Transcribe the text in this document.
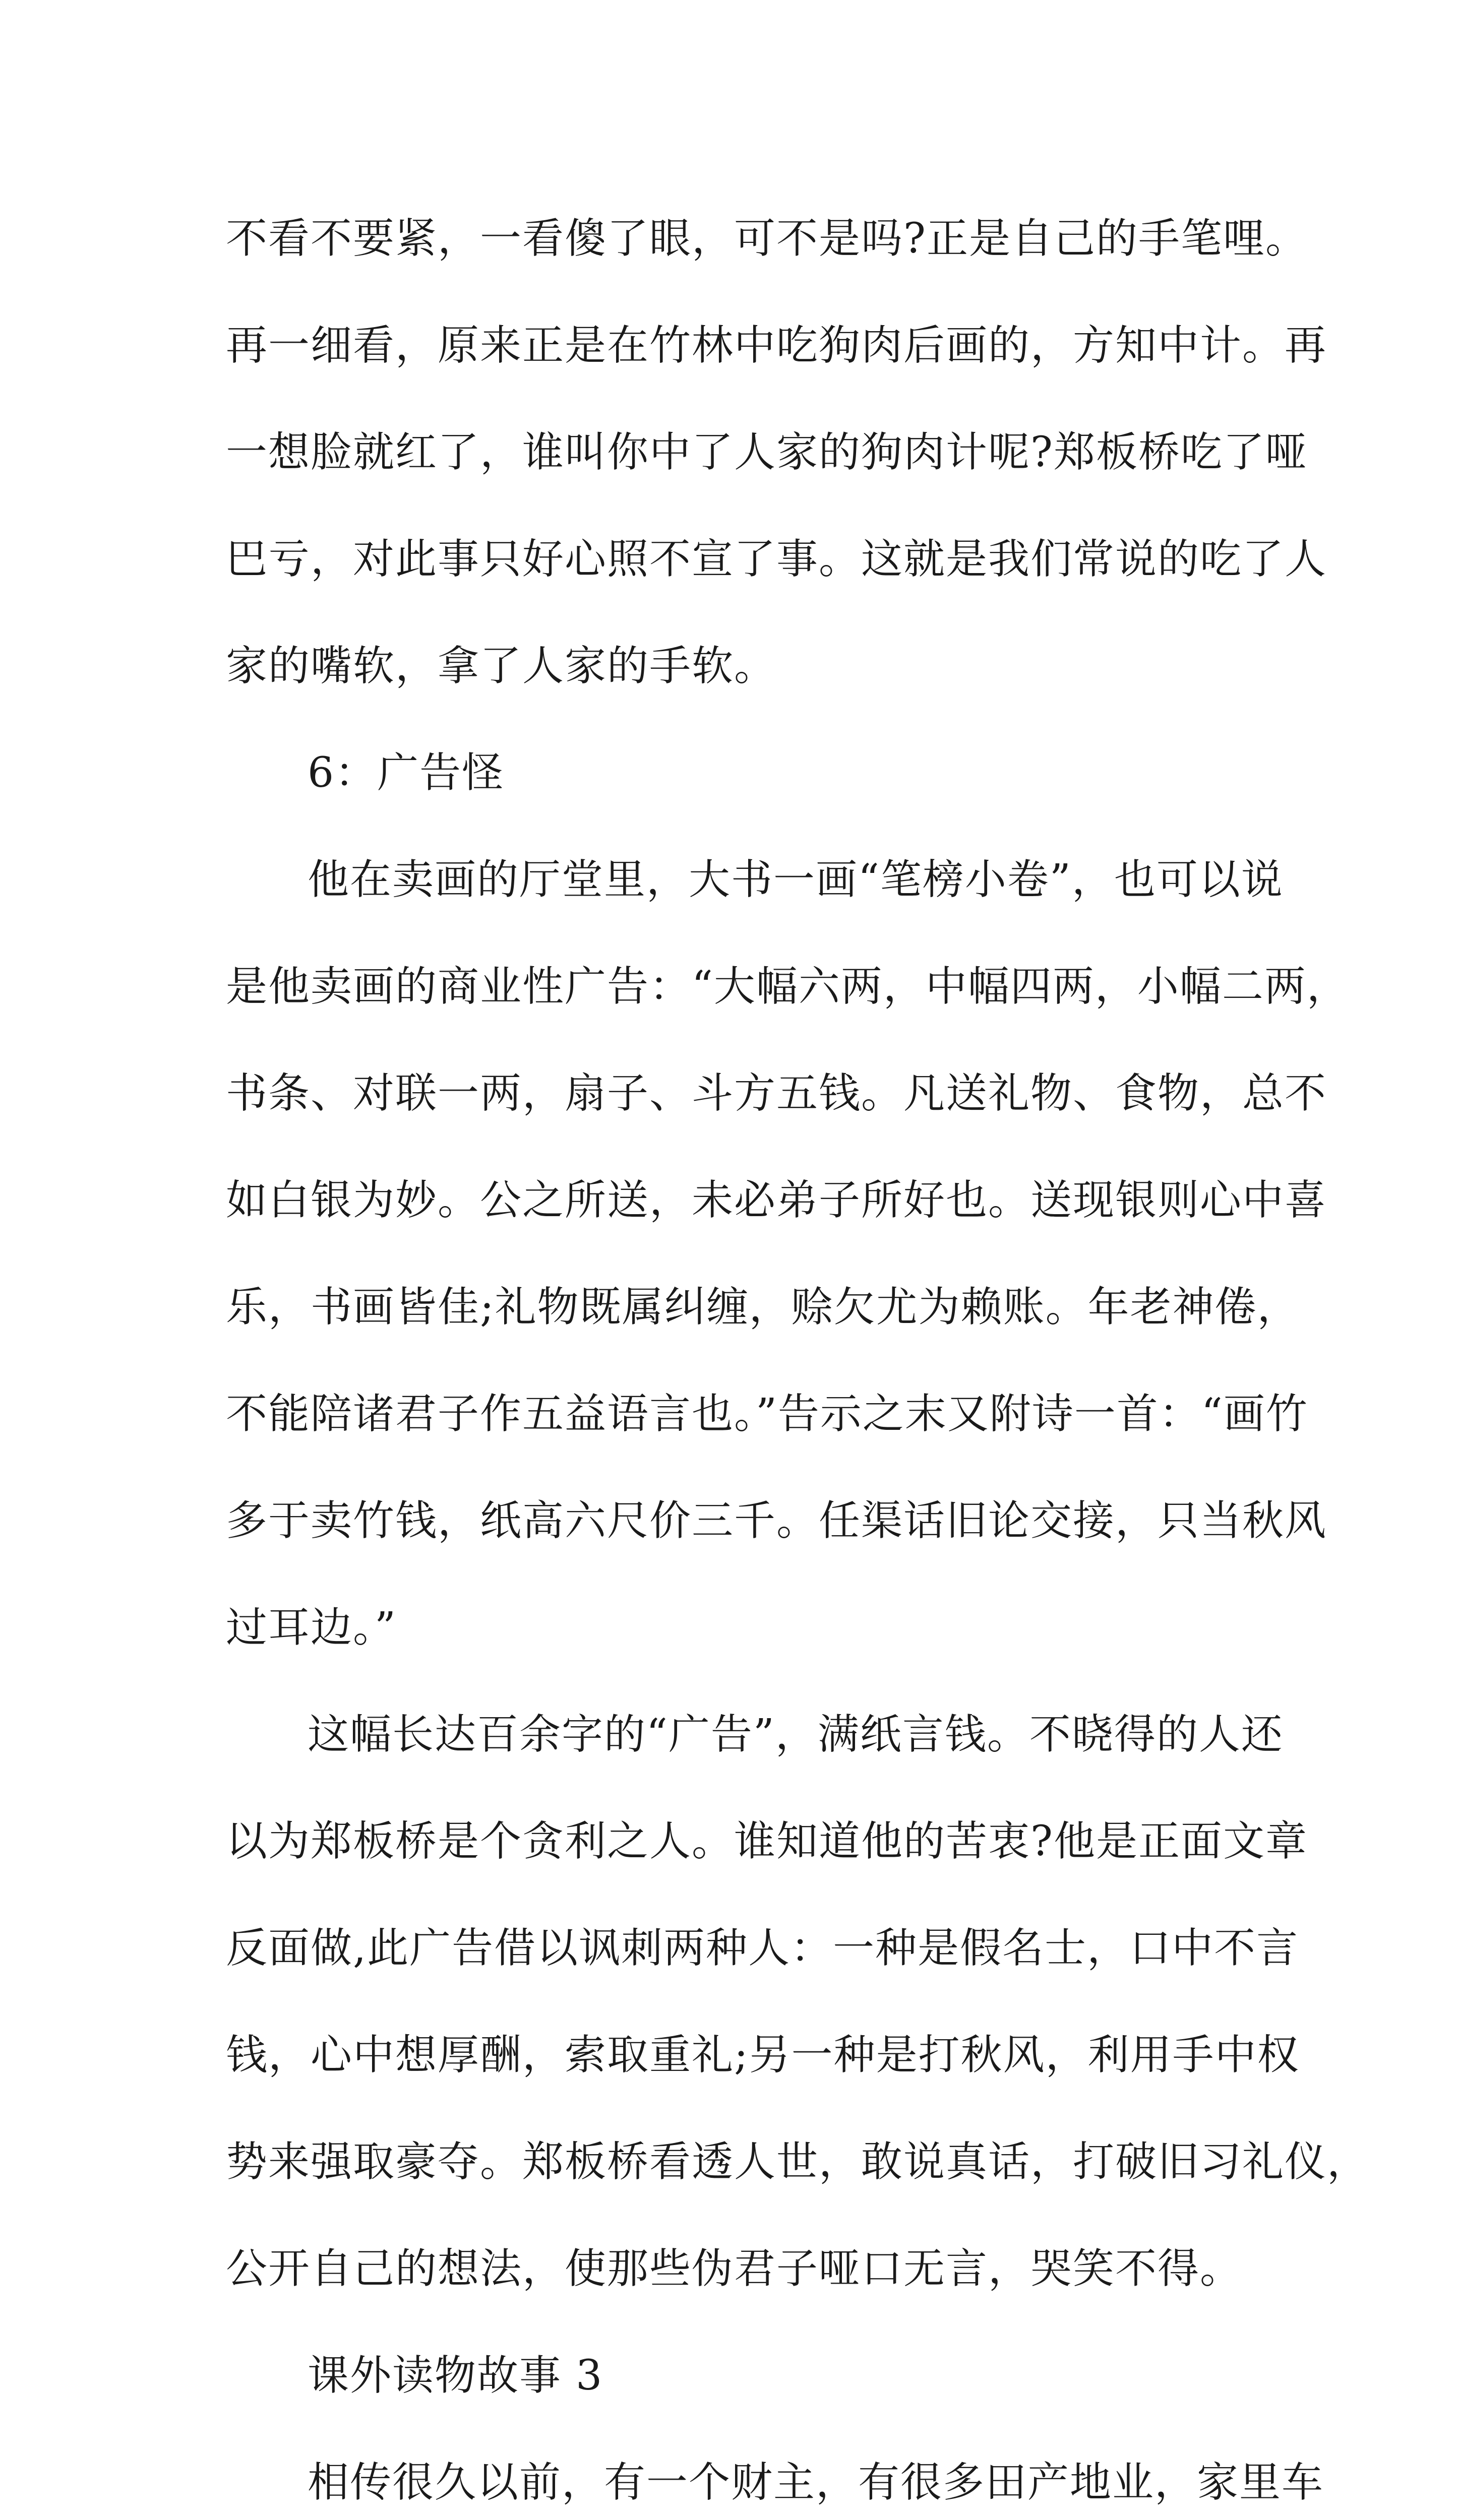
不看不要紧，一看傻了眼，可不是吗?正是自己的手笔哩。
再一细看，原来正是在竹林中吃狗肉后画的，方知中计。再
一想脸就红了，谁叫你中了人家的狗肉计呢?郑板桥吃了哑
巴亏，对此事只好心照不宣了事。这就是我们常说的吃了人
家的嘴软，拿了人家的手软。
6：广告怪
他在卖画的厅堂里，大书一画“笔榜小卷”，也可以说
是他卖画的商业性广告：“大幅六两，中幅四两，小幅二两，
书条、对联一两，扇子、斗方五钱。凡送礼物、食物，总不
如白银为妙。公之所送，未必弟子所好也。送现银则心中喜
乐，书画皆佳;礼物既属纠缠，赊欠尤为赖账。年老神倦，
不能陪诸君子作五益语言也。”告示之末又附诗一首：“画竹
多于卖竹钱，纸高六尺价三千。任渠话旧论交接，只当秋风
过耳边。”
这幅长达百余字的“广告”，满纸言钱。不晓得的人还
以为郑板桥是个贪利之人。谁知道他的苦衷?他是正面文章
反面做,此广告借以讽刺两种人：一种是假名士，口中不言
钱，心中想厚酬，索取重礼;另一种是打秋风，利用手中权
势来强取豪夺。郑板桥看透人世，敢说真话，打破旧习礼仪，
公开自己的想法，使那些伪君子哑口无言，哭笑不得。
课外读物故事 3
相传很久以前，有一个财主，有很多田产地业，家里车
